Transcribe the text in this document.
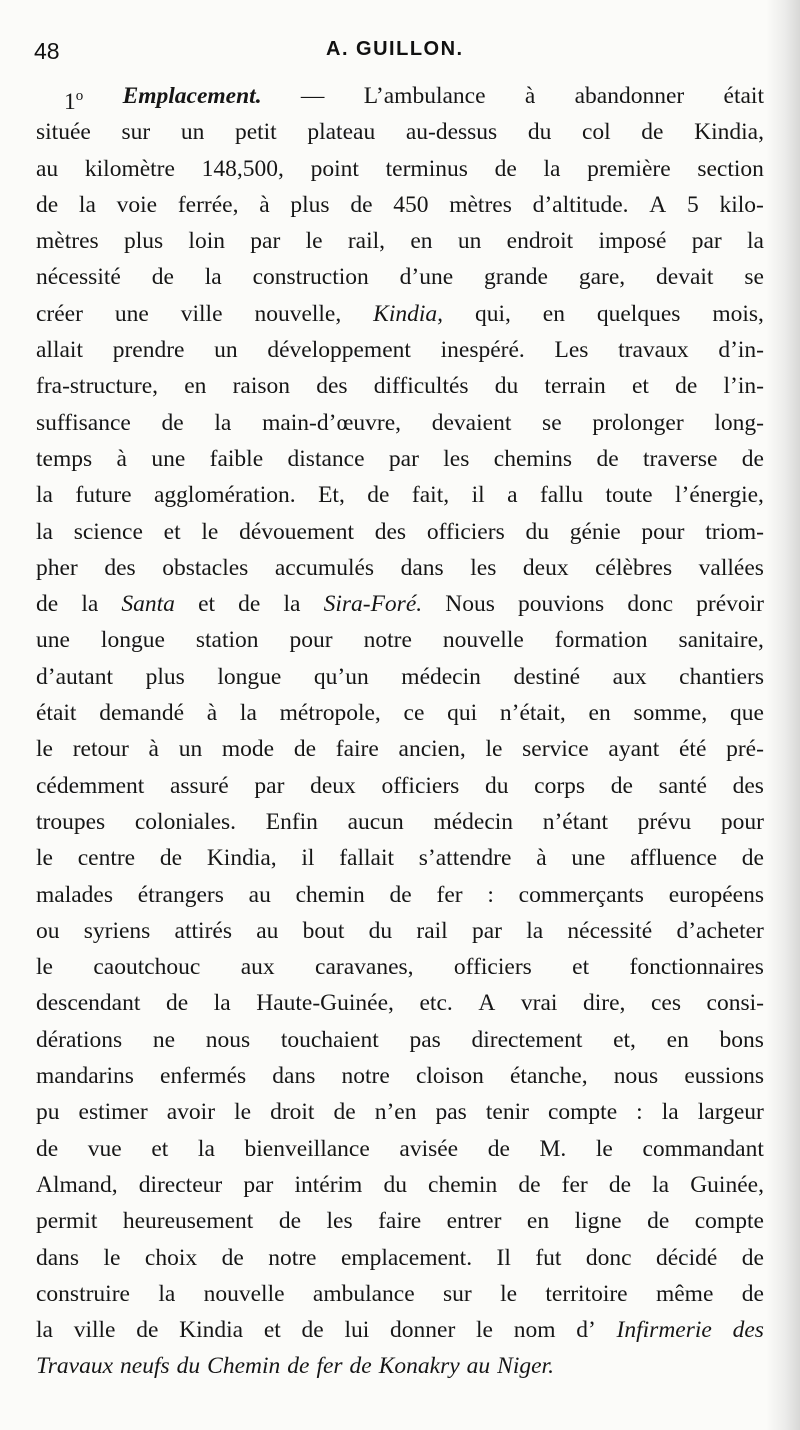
48	A. GUILLON.
1$^o$ Emplacement. — L’ambulance à abandonner était
située sur un petit plateau au-dessus du col de Kindia,
au kilomètre 148,500, point terminus de la première section
de la voie ferrée, à plus de 450 mètres d’altitude. A 5 kilo-
mètres plus loin par le rail, en un endroit imposé par la
nécessité de la construction d’une grande gare, devait se
créer une ville nouvelle, Kindia, qui, en quelques mois,
allait prendre un développement inespéré. Les travaux d’in-
fra-structure, en raison des difficultés du terrain et de l’in-
suffisance de la main-d’œuvre, devaient se prolonger long-
temps à une faible distance par les chemins de traverse de
la future agglomération. Et, de fait, il a fallu toute l’énergie,
la science et le dévouement des officiers du génie pour triom-
pher des obstacles accumulés dans les deux célèbres vallées
de la Santa et de la Sira-Foré. Nous pouvions donc prévoir
une longue station pour notre nouvelle formation sanitaire,
d’autant plus longue qu’un médecin destiné aux chantiers
était demandé à la métropole, ce qui n’était, en somme, que
le retour à un mode de faire ancien, le service ayant été pré-
cédemment assuré par deux officiers du corps de santé des
troupes coloniales. Enfin aucun médecin n’étant prévu pour
le centre de Kindia, il fallait s’attendre à une affluence de
malades étrangers au chemin de fer : commerçants européens
ou syriens attirés au bout du rail par la nécessité d’acheter
le caoutchouc aux caravanes, officiers et fonctionnaires
descendant de la Haute-Guinée, etc. A vrai dire, ces consi-
dérations ne nous touchaient pas directement et, en bons
mandarins enfermés dans notre cloison étanche, nous eussions
pu estimer avoir le droit de n’en pas tenir compte : la largeur
de vue et la bienveillance avisée de M. le commandant
Almand, directeur par intérim du chemin de fer de la Guinée,
permit heureusement de les faire entrer en ligne de compte
dans le choix de notre emplacement. Il fut donc décidé de
construire la nouvelle ambulance sur le territoire même de
la ville de Kindia et de lui donner le nom d’ Infirmerie des
Travaux neufs du Chemin de fer de Konakry au Niger.
